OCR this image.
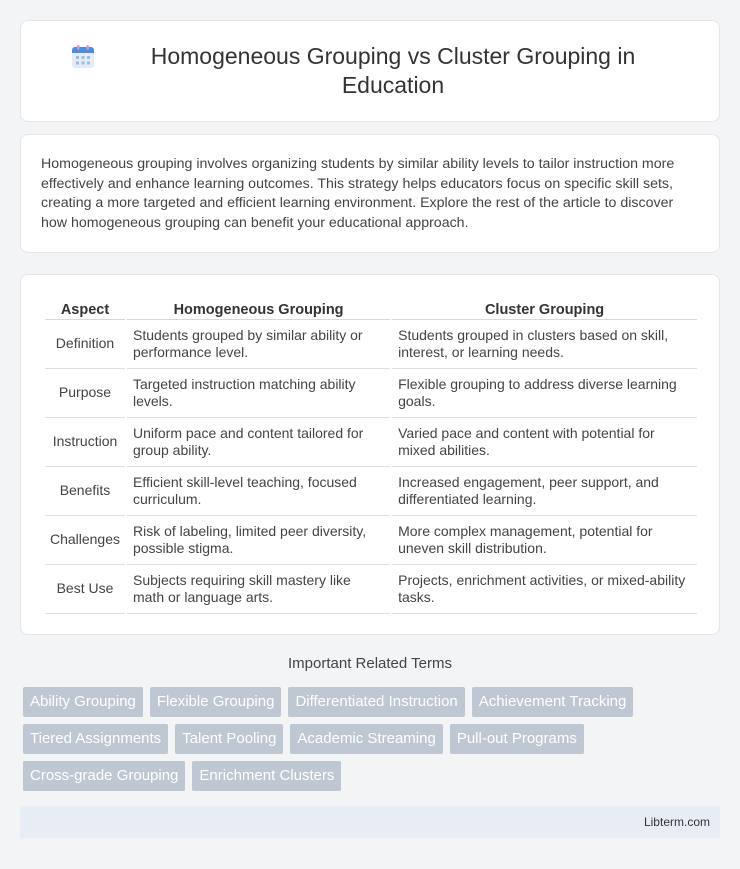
Homogeneous Grouping vs Cluster Grouping in Education

Homogeneous grouping involves organizing students by similar ability levels to tailor instruction more effectively and enhance learning outcomes. This strategy helps educators focus on specific skill sets, creating a more targeted and efficient learning environment. Explore the rest of the article to discover how homogeneous grouping can benefit your educational approach.

Aspect	Homogeneous Grouping	Cluster Grouping
Definition	Students grouped by similar ability or performance level.	Students grouped in clusters based on skill, interest, or learning needs.
Purpose	Targeted instruction matching ability levels.	Flexible grouping to address diverse learning goals.
Instruction	Uniform pace and content tailored for group ability.	Varied pace and content with potential for mixed abilities.
Benefits	Efficient skill-level teaching, focused curriculum.	Increased engagement, peer support, and differentiated learning.
Challenges	Risk of labeling, limited peer diversity, possible stigma.	More complex management, potential for uneven skill distribution.
Best Use	Subjects requiring skill mastery like math or language arts.	Projects, enrichment activities, or mixed-ability tasks.
Important Related Terms
Ability Grouping	Flexible Grouping	Differentiated Instruction	Achievement Tracking
Tiered Assignments	Talent Pooling	Academic Streaming	Pull-out Programs
Cross-grade Grouping	Enrichment Clusters
Libterm.com
